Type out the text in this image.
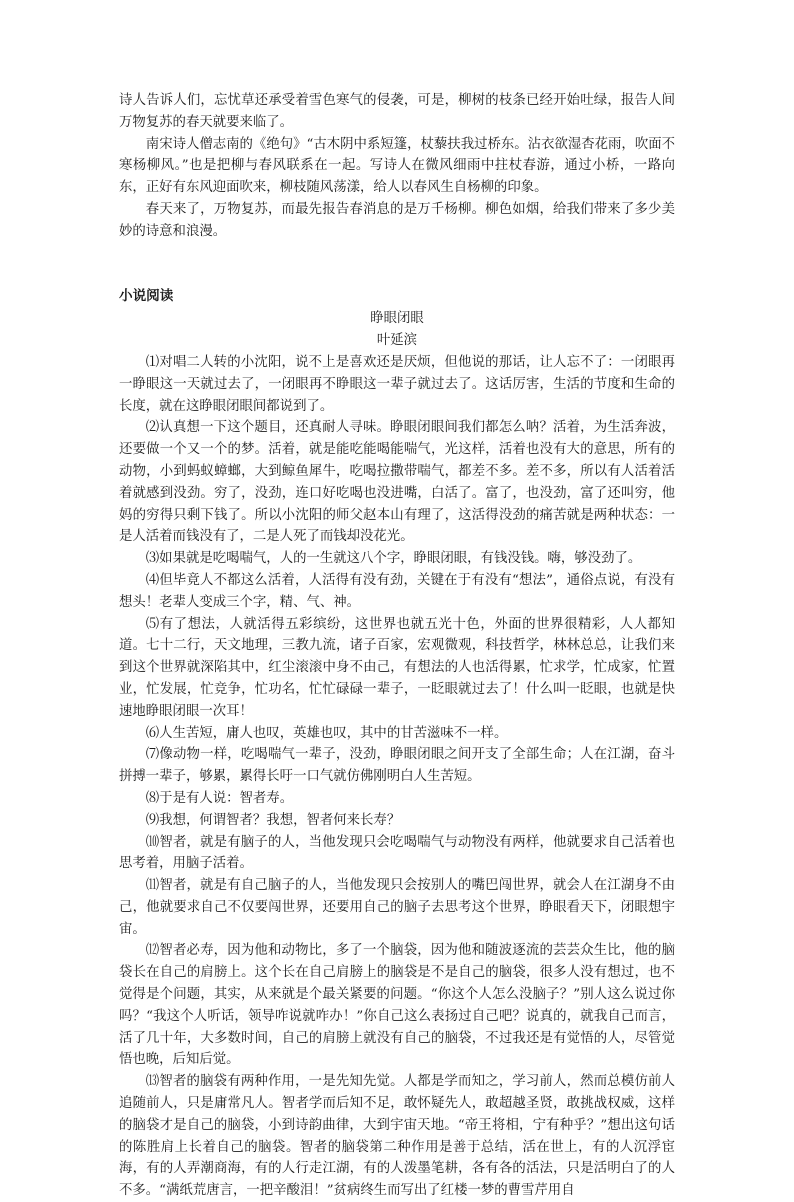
诗人告诉人们，忘忧草还承受着雪色寒气的侵袭，可是，柳树的枝条已经开始吐绿，报告人间万物复苏的春天就要来临了。

南宋诗人僧志南的《绝句》“古木阴中系短篷，杖藜扶我过桥东。沾衣欲湿杏花雨，吹面不寒杨柳风。”也是把柳与春风联系在一起。写诗人在微风细雨中拄杖春游，通过小桥，一路向东，正好有东风迎面吹来，柳枝随风荡漾，给人以春风生自杨柳的印象。

春天来了，万物复苏，而最先报告春消息的是万千杨柳。柳色如烟，给我们带来了多少美妙的诗意和浪漫。

小说阅读

睁眼闭眼

叶延滨

⑴对唱二人转的小沈阳，说不上是喜欢还是厌烦，但他说的那话，让人忘不了：一闭眼再一睁眼这一天就过去了，一闭眼再不睁眼这一辈子就过去了。这话厉害，生活的节度和生命的长度，就在这睁眼闭眼间都说到了。

⑵认真想一下这个题目，还真耐人寻味。睁眼闭眼间我们都怎么呐？活着，为生活奔波，还要做一个又一个的梦。活着，就是能吃能喝能喘气，光这样，活着也没有大的意思，所有的动物，小到蚂蚁蟑螂，大到鲸鱼犀牛，吃喝拉撒带喘气，都差不多。差不多，所以有人活着活着就感到没劲。穷了，没劲，连口好吃喝也没进嘴，白活了。富了，也没劲，富了还叫穷，他妈的穷得只剩下钱了。所以小沈阳的师父赵本山有理了，这活得没劲的痛苦就是两种状态：一是人活着而钱没有了，二是人死了而钱却没花光。

⑶如果就是吃喝喘气，人的一生就这八个字，睁眼闭眼，有钱没钱。嗨，够没劲了。

⑷但毕竟人不都这么活着，人活得有没有劲，关键在于有没有“想法”，通俗点说，有没有想头！老辈人变成三个字，精、气、神。

⑸有了想法，人就活得五彩缤纷，这世界也就五光十色，外面的世界很精彩，人人都知道。七十二行，天文地理，三教九流，诸子百家，宏观微观，科技哲学，林林总总，让我们来到这个世界就深陷其中，红尘滚滚中身不由己，有想法的人也活得累，忙求学，忙成家，忙置业，忙发展，忙竞争，忙功名，忙忙碌碌一辈子，一眨眼就过去了！什么叫一眨眼，也就是快速地睁眼闭眼一次耳！

⑹人生苦短，庸人也叹，英雄也叹，其中的甘苦滋味不一样。

⑺像动物一样，吃喝喘气一辈子，没劲，睁眼闭眼之间开支了全部生命；人在江湖，奋斗拼搏一辈子，够累，累得长吁一口气就仿佛刚明白人生苦短。

⑻于是有人说：智者寿。

⑼我想，何谓智者？我想，智者何来长寿？

⑽智者，就是有脑子的人，当他发现只会吃喝喘气与动物没有两样，他就要求自己活着也思考着，用脑子活着。

⑾智者，就是有自己脑子的人，当他发现只会按别人的嘴巴闯世界，就会人在江湖身不由己，他就要求自己不仅要闯世界，还要用自己的脑子去思考这个世界，睁眼看天下，闭眼想宇宙。

⑿智者必寿，因为他和动物比，多了一个脑袋，因为他和随波逐流的芸芸众生比，他的脑袋长在自己的肩膀上。这个长在自己肩膀上的脑袋是不是自己的脑袋，很多人没有想过，也不觉得是个问题，其实，从来就是个最关紧要的问题。“你这个人怎么没脑子？”别人这么说过你吗？“我这个人听话，领导咋说就咋办！”你自己这么表扬过自己吧？说真的，就我自己而言，活了几十年，大多数时间，自己的肩膀上就没有自己的脑袋，不过我还是有觉悟的人，尽管觉悟也晚，后知后觉。

⒀智者的脑袋有两种作用，一是先知先觉。人都是学而知之，学习前人，然而总模仿前人追随前人，只是庸常凡人。智者学而后知不足，敢怀疑先人，敢超越圣贤，敢挑战权威，这样的脑袋才是自己的脑袋，小到诗韵曲律，大到宇宙天地。“帝王将相，宁有种乎？”想出这句话的陈胜肩上长着自己的脑袋。智者的脑袋第二种作用是善于总结，活在世上，有的人沉浮宦海，有的人弄潮商海，有的人行走江湖，有的人泼墨笔耕，各有各的活法，只是活明白了的人不多。“满纸荒唐言，一把辛酸泪！”贫病终生而写出了红楼一梦的曹雪芹用自
